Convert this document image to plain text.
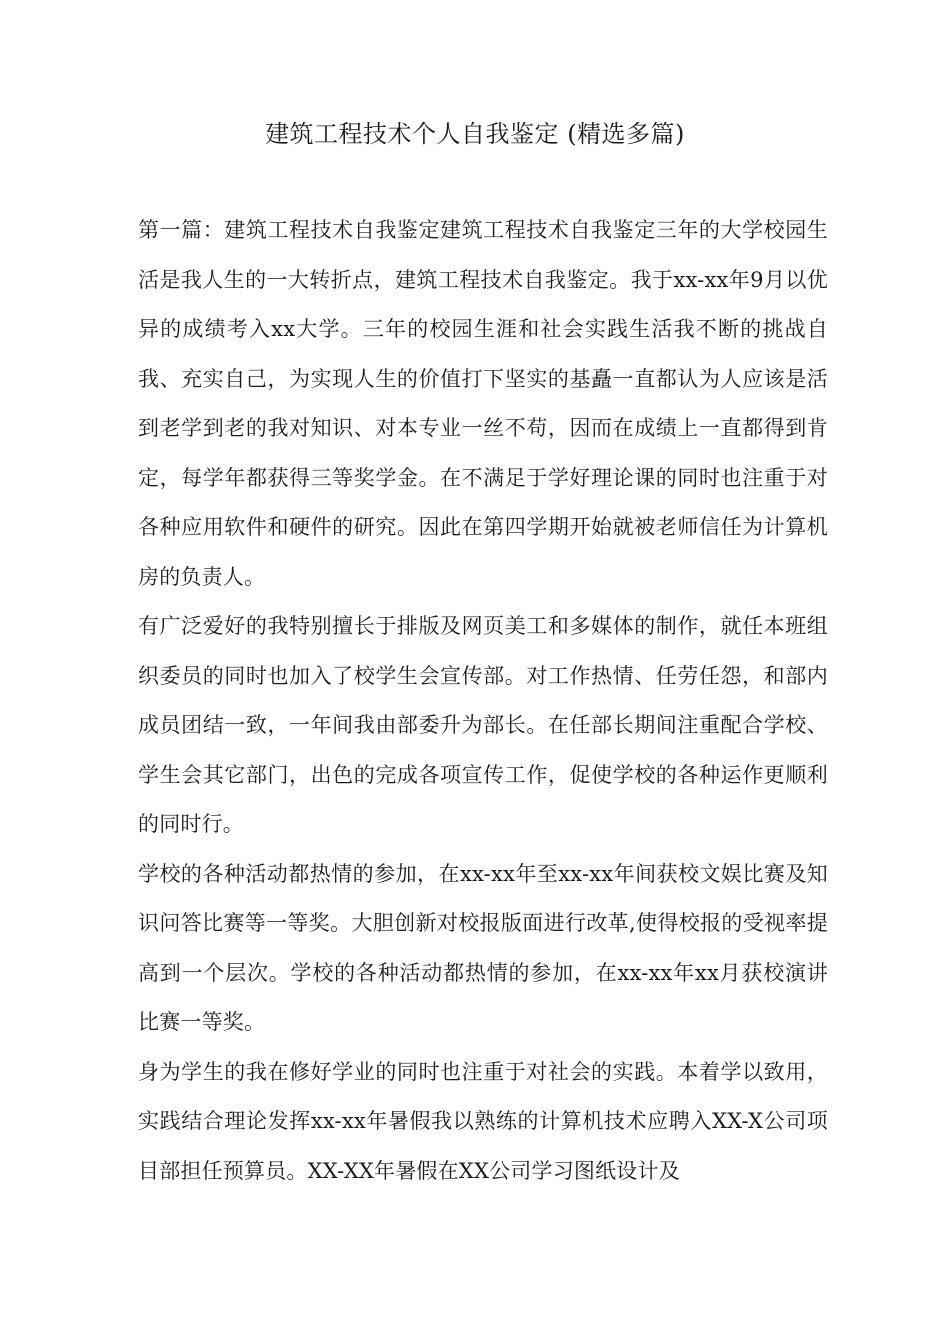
建筑工程技术个人自我鉴定 (精选多篇)

第一篇：建筑工程技术自我鉴定建筑工程技术自我鉴定三年的大学校园生活是我人生的一大转折点，建筑工程技术自我鉴定。我于xx-xx年9月以优异的成绩考入xx大学。三年的校园生涯和社会实践生活我不断的挑战自我、充实自己，为实现人生的价值打下坚实的基矗一直都认为人应该是活到老学到老的我对知识、对本专业一丝不苟，因而在成绩上一直都得到肯定，每学年都获得三等奖学金。在不满足于学好理论课的同时也注重于对各种应用软件和硬件的研究。因此在第四学期开始就被老师信任为计算机房的负责人。

有广泛爱好的我特别擅长于排版及网页美工和多媒体的制作，就任本班组织委员的同时也加入了校学生会宣传部。对工作热情、任劳任怨，和部内成员团结一致，一年间我由部委升为部长。在任部长期间注重配合学校、学生会其它部门，出色的完成各项宣传工作，促使学校的各种运作更顺利的同时行。

学校的各种活动都热情的参加，在xx-xx年至xx-xx年间获校文娱比赛及知识问答比赛等一等奖。大胆创新对校报版面进行改革,使得校报的受视率提高到一个层次。学校的各种活动都热情的参加，在xx-xx年xx月获校演讲比赛一等奖。

身为学生的我在修好学业的同时也注重于对社会的实践。本着学以致用，实践结合理论发挥xx-xx年暑假我以熟练的计算机技术应聘入XX-X公司项目部担任预算员。XX-XX年暑假在XX公司学习图纸设计及
